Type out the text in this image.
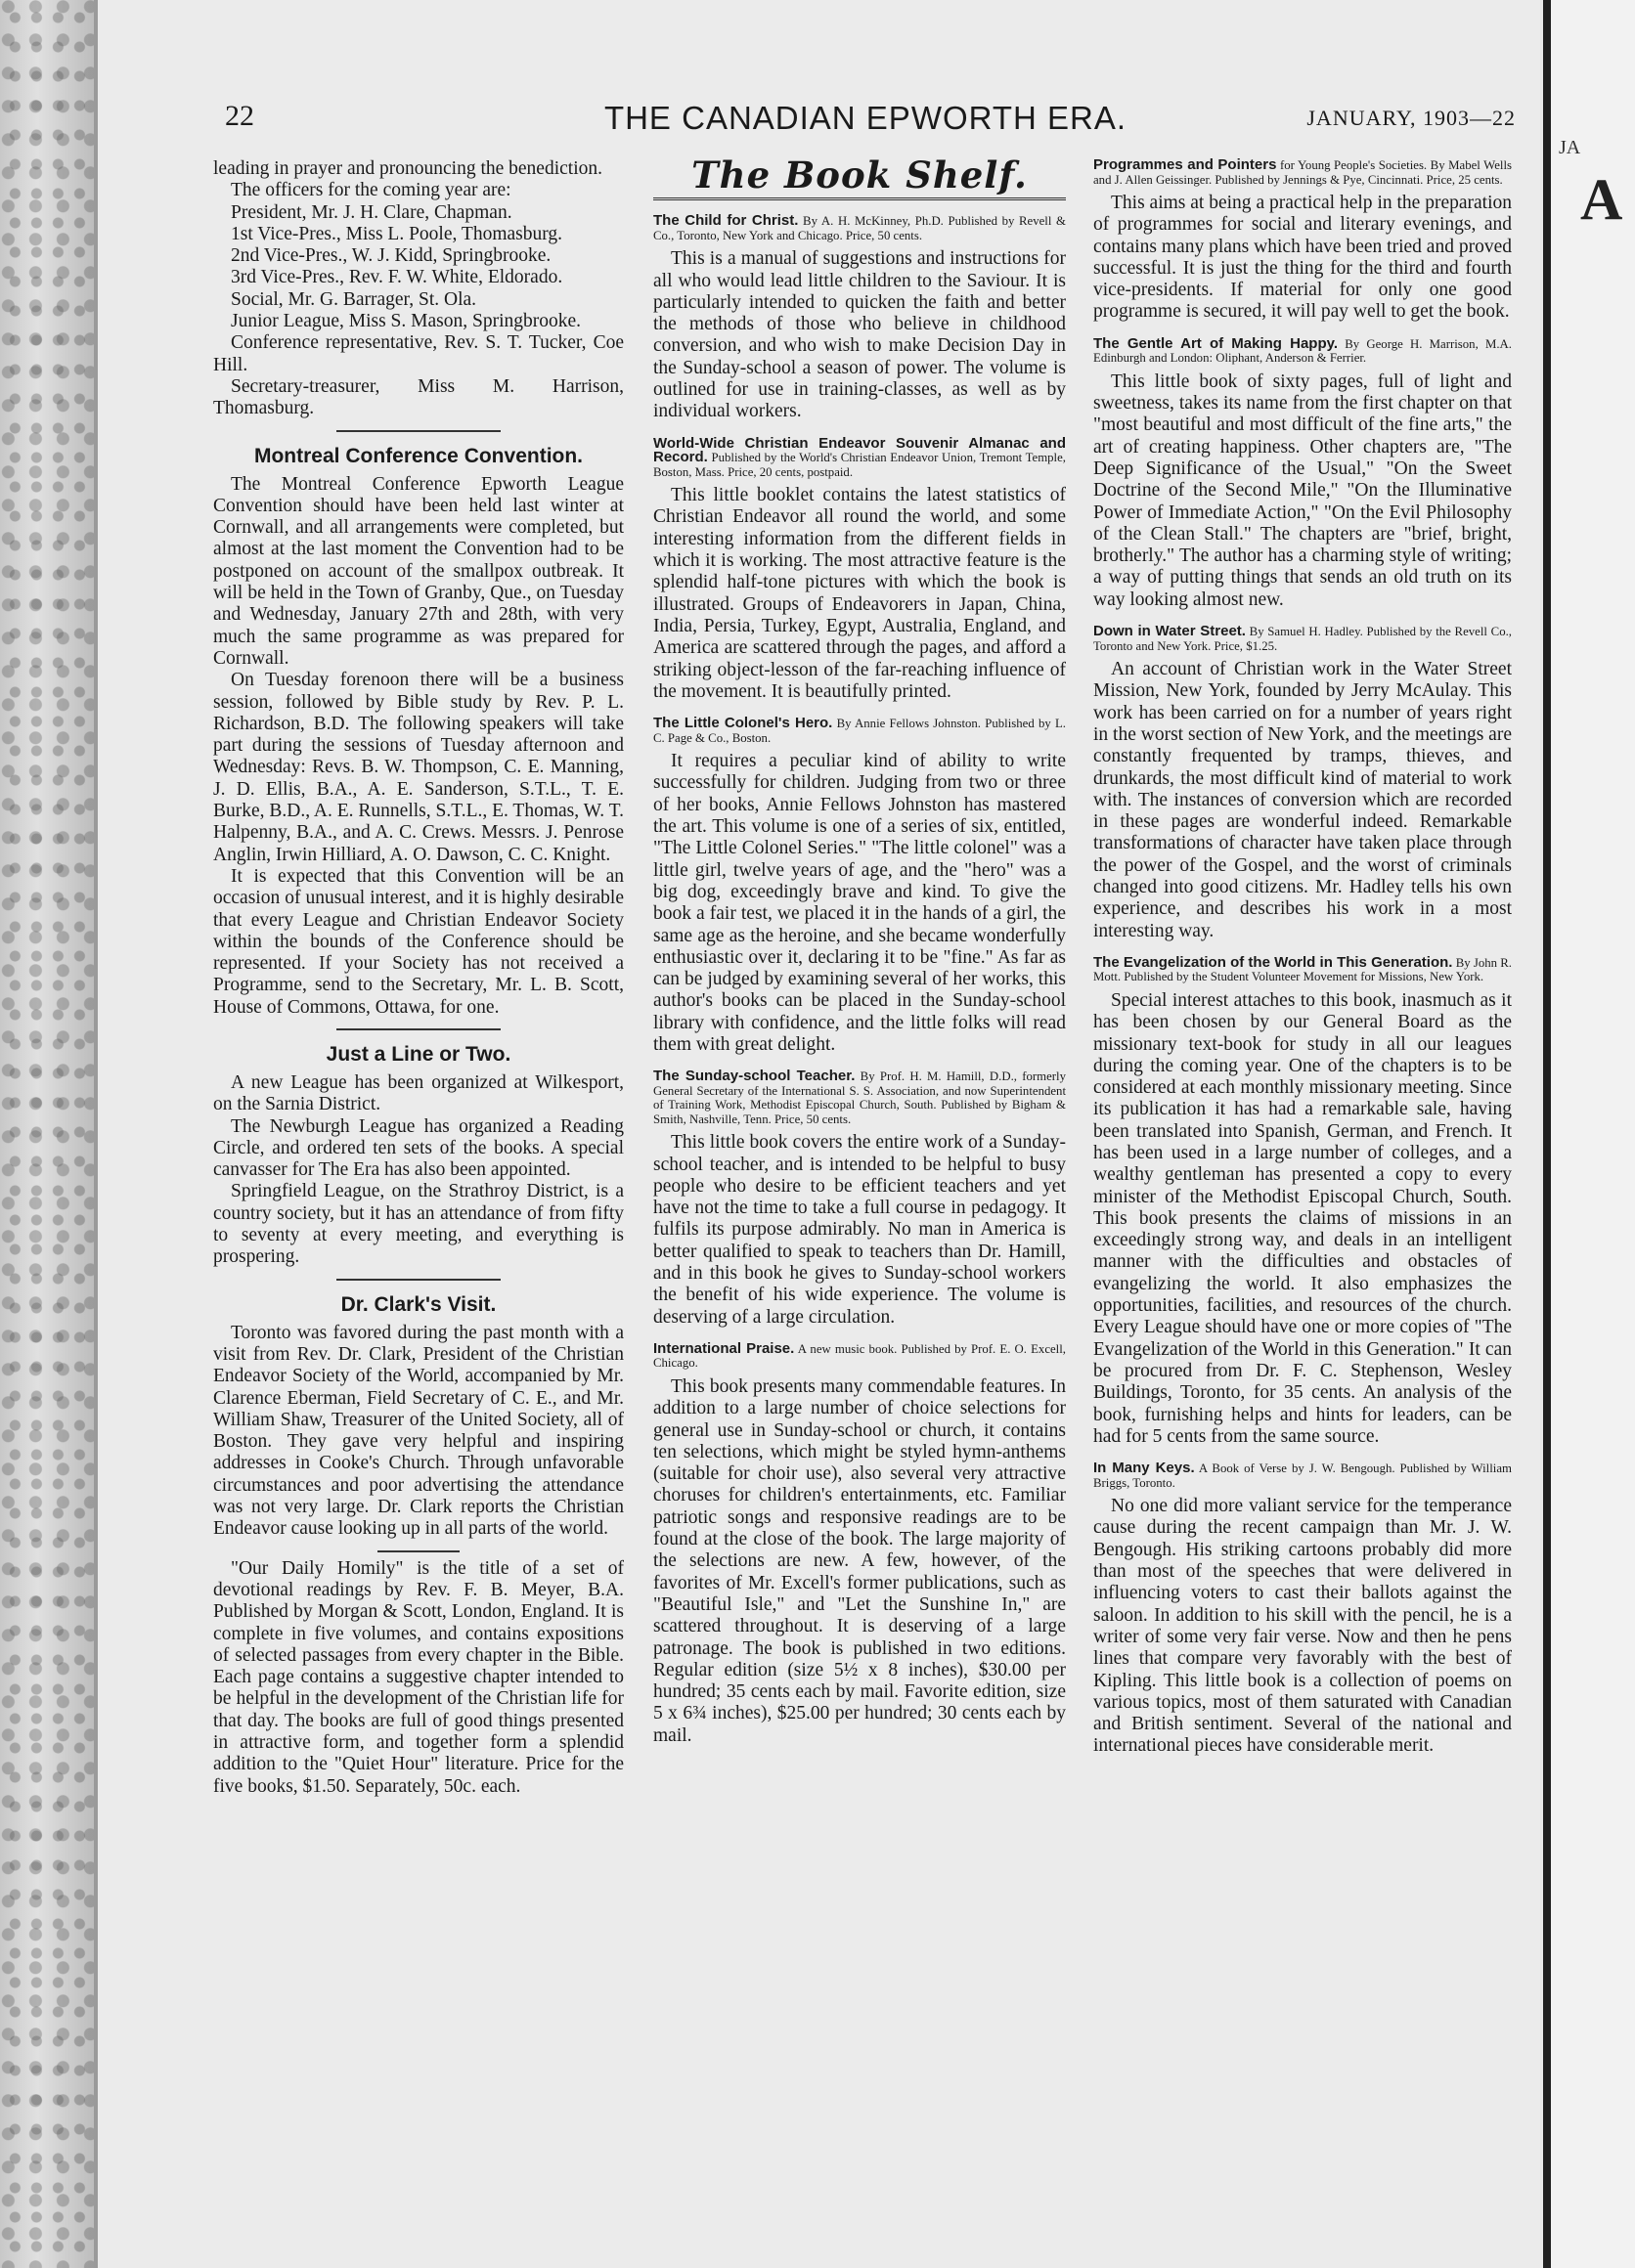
22	THE CANADIAN EPWORTH ERA.	JANUARY, 1903—22

leading in prayer and pronouncing the benediction.

The officers for the coming year are:

President, Mr. J. H. Clare, Chapman.

1st Vice-Pres., Miss L. Poole, Thomasburg.

2nd Vice-Pres., W. J. Kidd, Springbrooke.

3rd Vice-Pres., Rev. F. W. White, Eldorado.

Social, Mr. G. Barrager, St. Ola.

Junior League, Miss S. Mason, Springbrooke.

Conference representative, Rev. S. T. Tucker, Coe Hill.

Secretary-treasurer, Miss M. Harrison, Thomasburg.

Montreal Conference Convention.

The Montreal Conference Epworth League Convention should have been held last winter at Cornwall, and all arrangements were completed, but almost at the last moment the Convention had to be postponed on account of the smallpox outbreak. It will be held in the Town of Granby, Que., on Tuesday and Wednesday, January 27th and 28th, with very much the same programme as was prepared for Cornwall.

On Tuesday forenoon there will be a business session, followed by Bible study by Rev. P. L. Richardson, B.D. The following speakers will take part during the sessions of Tuesday afternoon and Wednesday: Revs. B. W. Thompson, C. E. Manning, J. D. Ellis, B.A., A. E. Sanderson, S.T.L., T. E. Burke, B.D., A. E. Runnells, S.T.L., E. Thomas, W. T. Halpenny, B.A., and A. C. Crews. Messrs. J. Penrose Anglin, Irwin Hilliard, A. O. Dawson, C. C. Knight.

It is expected that this Convention will be an occasion of unusual interest, and it is highly desirable that every League and Christian Endeavor Society within the bounds of the Conference should be represented. If your Society has not received a Programme, send to the Secretary, Mr. L. B. Scott, House of Commons, Ottawa, for one.

Just a Line or Two.

A new League has been organized at Wilkesport, on the Sarnia District.

The Newburgh League has organized a Reading Circle, and ordered ten sets of the books. A special canvasser for The Era has also been appointed.

Springfield League, on the Strathroy District, is a country society, but it has an attendance of from fifty to seventy at every meeting, and everything is prospering.

Dr. Clark's Visit.

Toronto was favored during the past month with a visit from Rev. Dr. Clark, President of the Christian Endeavor Society of the World, accompanied by Mr. Clarence Eberman, Field Secretary of C. E., and Mr. William Shaw, Treasurer of the United Society, all of Boston. They gave very helpful and inspiring addresses in Cooke's Church. Through unfavorable circumstances and poor advertising the attendance was not very large. Dr. Clark reports the Christian Endeavor cause looking up in all parts of the world.

"Our Daily Homily" is the title of a set of devotional readings by Rev. F. B. Meyer, B.A. Published by Morgan & Scott, London, England. It is complete in five volumes, and contains expositions of selected passages from every chapter in the Bible. Each page contains a suggestive chapter intended to be helpful in the development of the Christian life for that day. The books are full of good things presented in attractive form, and together form a splendid addition to the "Quiet Hour" literature. Price for the five books, $1.50. Separately, 50c. each.

The Book Shelf.
The Child for Christ. By A. H. McKinney, Ph.D. Published by Revell & Co., Toronto, New York and Chicago. Price, 50 cents.

This is a manual of suggestions and instructions for all who would lead little children to the Saviour. It is particularly intended to quicken the faith and better the methods of those who believe in childhood conversion, and who wish to make Decision Day in the Sunday-school a season of power. The volume is outlined for use in training-classes, as well as by individual workers.

World-Wide Christian Endeavor Souvenir Almanac and Record. Published by the World's Christian Endeavor Union, Tremont Temple, Boston, Mass. Price, 20 cents, postpaid.

This little booklet contains the latest statistics of Christian Endeavor all round the world, and some interesting information from the different fields in which it is working. The most attractive feature is the splendid half-tone pictures with which the book is illustrated. Groups of Endeavorers in Japan, China, India, Persia, Turkey, Egypt, Australia, England, and America are scattered through the pages, and afford a striking object-lesson of the far-reaching influence of the movement. It is beautifully printed.

The Little Colonel's Hero. By Annie Fellows Johnston. Published by L. C. Page & Co., Boston.

It requires a peculiar kind of ability to write successfully for children. Judging from two or three of her books, Annie Fellows Johnston has mastered the art. This volume is one of a series of six, entitled, "The Little Colonel Series." "The little colonel" was a little girl, twelve years of age, and the "hero" was a big dog, exceedingly brave and kind. To give the book a fair test, we placed it in the hands of a girl, the same age as the heroine, and she became wonderfully enthusiastic over it, declaring it to be "fine." As far as can be judged by examining several of her works, this author's books can be placed in the Sunday-school library with confidence, and the little folks will read them with great delight.

The Sunday-school Teacher. By Prof. H. M. Hamill, D.D., formerly General Secretary of the International S. S. Association, and now Superintendent of Training Work, Methodist Episcopal Church, South. Published by Bigham & Smith, Nashville, Tenn. Price, 50 cents.

This little book covers the entire work of a Sunday-school teacher, and is intended to be helpful to busy people who desire to be efficient teachers and yet have not the time to take a full course in pedagogy. It fulfils its purpose admirably. No man in America is better qualified to speak to teachers than Dr. Hamill, and in this book he gives to Sunday-school workers the benefit of his wide experience. The volume is deserving of a large circulation.

International Praise. A new music book. Published by Prof. E. O. Excell, Chicago.

This book presents many commendable features. In addition to a large number of choice selections for general use in Sunday-school or church, it contains ten selections, which might be styled hymn-anthems (suitable for choir use), also several very attractive choruses for children's entertainments, etc. Familiar patriotic songs and responsive readings are to be found at the close of the book. The large majority of the selections are new. A few, however, of the favorites of Mr. Excell's former publications, such as "Beautiful Isle," and "Let the Sunshine In," are scattered throughout. It is deserving of a large patronage. The book is published in two editions. Regular edition (size 5½ x 8 inches), $30.00 per hundred; 35 cents each by mail. Favorite edition, size 5 x 6¾ inches), $25.00 per hundred; 30 cents each by mail.

Programmes and Pointers for Young People's Societies. By Mabel Wells and J. Allen Geissinger. Published by Jennings & Pye, Cincinnati. Price, 25 cents.

This aims at being a practical help in the preparation of programmes for social and literary evenings, and contains many plans which have been tried and proved successful. It is just the thing for the third and fourth vice-presidents. If material for only one good programme is secured, it will pay well to get the book.

The Gentle Art of Making Happy. By George H. Marrison, M.A. Edinburgh and London: Oliphant, Anderson & Ferrier.

This little book of sixty pages, full of light and sweetness, takes its name from the first chapter on that "most beautiful and most difficult of the fine arts," the art of creating happiness. Other chapters are, "The Deep Significance of the Usual," "On the Sweet Doctrine of the Second Mile," "On the Illuminative Power of Immediate Action," "On the Evil Philosophy of the Clean Stall." The chapters are "brief, bright, brotherly." The author has a charming style of writing; a way of putting things that sends an old truth on its way looking almost new.

Down in Water Street. By Samuel H. Hadley. Published by the Revell Co., Toronto and New York. Price, $1.25.

An account of Christian work in the Water Street Mission, New York, founded by Jerry McAulay. This work has been carried on for a number of years right in the worst section of New York, and the meetings are constantly frequented by tramps, thieves, and drunkards, the most difficult kind of material to work with. The instances of conversion which are recorded in these pages are wonderful indeed. Remarkable transformations of character have taken place through the power of the Gospel, and the worst of criminals changed into good citizens. Mr. Hadley tells his own experience, and describes his work in a most interesting way.

The Evangelization of the World in This Generation. By John R. Mott. Published by the Student Volunteer Movement for Missions, New York.

Special interest attaches to this book, inasmuch as it has been chosen by our General Board as the missionary text-book for study in all our leagues during the coming year. One of the chapters is to be considered at each monthly missionary meeting. Since its publication it has had a remarkable sale, having been translated into Spanish, German, and French. It has been used in a large number of colleges, and a wealthy gentleman has presented a copy to every minister of the Methodist Episcopal Church, South. This book presents the claims of missions in an exceedingly strong way, and deals in an intelligent manner with the difficulties and obstacles of evangelizing the world. It also emphasizes the opportunities, facilities, and resources of the church. Every League should have one or more copies of "The Evangelization of the World in this Generation." It can be procured from Dr. F. C. Stephenson, Wesley Buildings, Toronto, for 35 cents. An analysis of the book, furnishing helps and hints for leaders, can be had for 5 cents from the same source.

In Many Keys. A Book of Verse by J. W. Bengough. Published by William Briggs, Toronto.

No one did more valiant service for the temperance cause during the recent campaign than Mr. J. W. Bengough. His striking cartoons probably did more than most of the speeches that were delivered in influencing voters to cast their ballots against the saloon. In addition to his skill with the pencil, he is a writer of some very fair verse. Now and then he pens lines that compare very favorably with the best of Kipling. This little book is a collection of poems on various topics, most of them saturated with Canadian and British sentiment. Several of the national and international pieces have considerable merit.

JA
A
